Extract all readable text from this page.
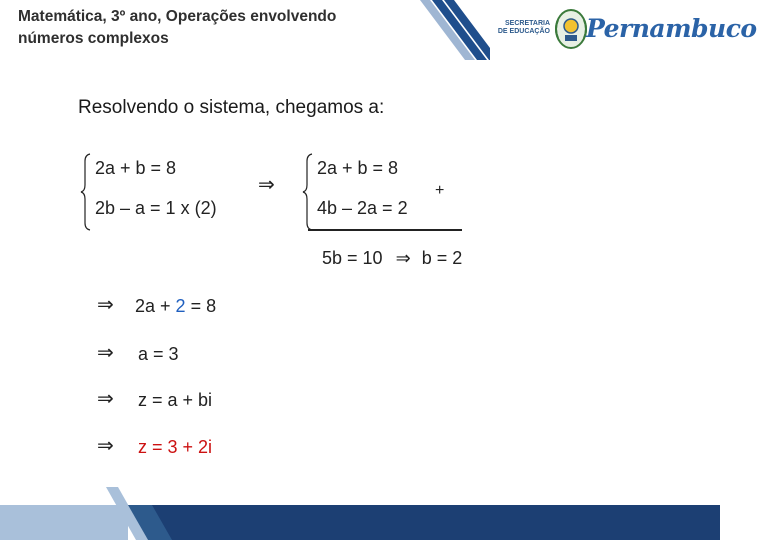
Matemática, 3º ano, Operações envolvendo
números complexos
SECRETARIA
DE EDUCAÇÃO Pernambuco
Resolvendo o sistema, chegamos a:
2a + b = 8
2b – a = 1 x (2)
⇒
2a + b = 8
4b – 2a = 2
+
5b = 10 ⇒ b = 2
⇒ 2a + 2 = 8
⇒ a = 3
⇒ z = a + bi
⇒ z = 3 + 2i
